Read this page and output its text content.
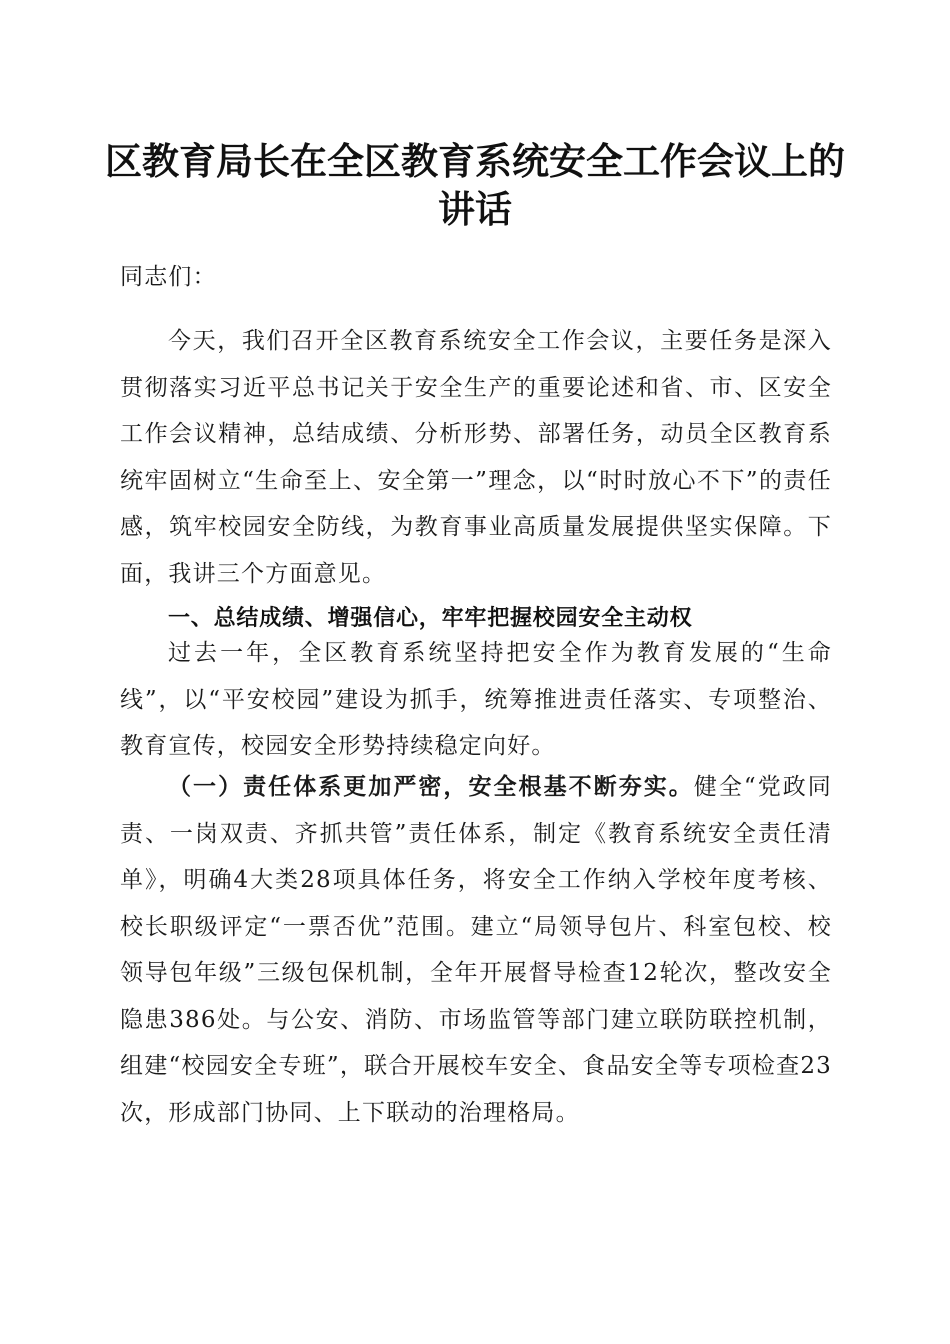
区教育局长在全区教育系统安全工作会议上的
讲话
同志们：

今天，我们召开全区教育系统安全工作会议，主要任务是深入贯彻落实习近平总书记关于安全生产的重要论述和省、市、区安全工作会议精神，总结成绩、分析形势、部署任务，动员全区教育系统牢固树立“生命至上、安全第一”理念，以“时时放心不下”的责任感，筑牢校园安全防线，为教育事业高质量发展提供坚实保障。下面，我讲三个方面意见。

一、总结成绩、增强信心，牢牢把握校园安全主动权

过去一年，全区教育系统坚持把安全作为教育发展的“生命线”，以“平安校园”建设为抓手，统筹推进责任落实、专项整治、教育宣传，校园安全形势持续稳定向好。

（一）责任体系更加严密，安全根基不断夯实。健全“党政同责、一岗双责、齐抓共管”责任体系，制定《教育系统安全责任清单》，明确4大类28项具体任务，将安全工作纳入学校年度考核、校长职级评定“一票否优”范围。建立“局领导包片、科室包校、校领导包年级”三级包保机制，全年开展督导检查12轮次，整改安全隐患386处。与公安、消防、市场监管等部门建立联防联控机制，组建“校园安全专班”，联合开展校车安全、食品安全等专项检查23次，形成部门协同、上下联动的治理格局。
